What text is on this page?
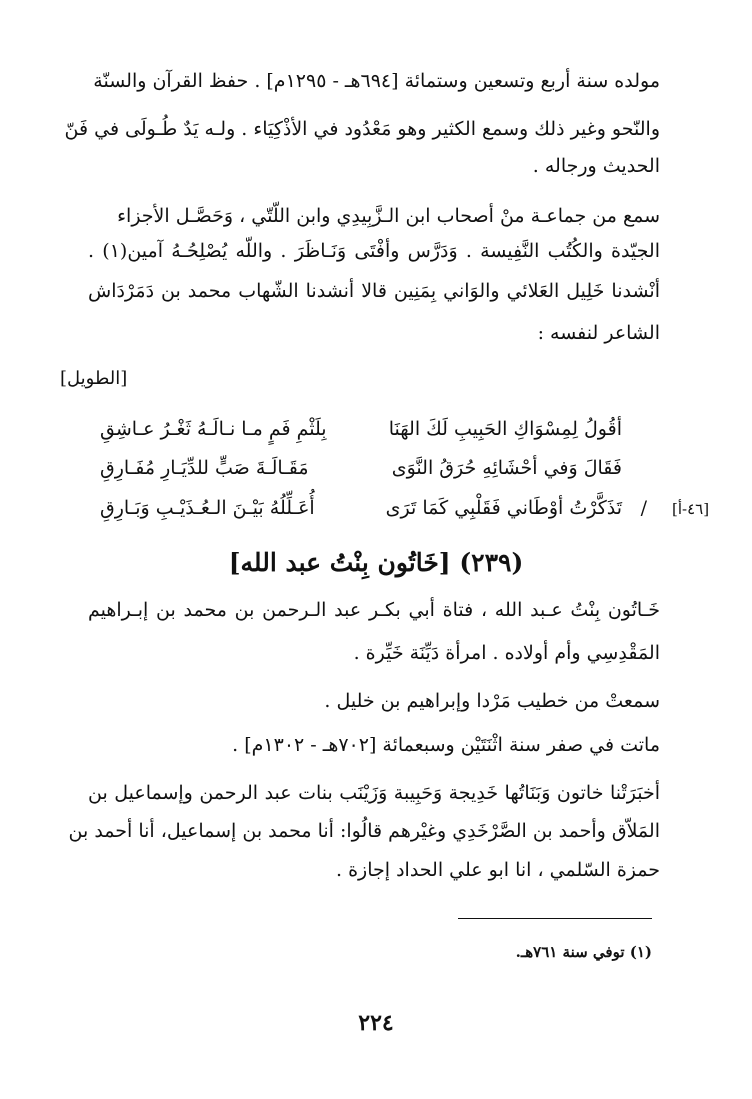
مولده سنة أربع وتسعين وستمائة [٦٩٤هـ - ١٢٩٥م] . حفظ القرآن والسنّة
والنّحو وغير ذلك وسمع الكثير وهو مَعْدُود في الأذْكِيَاء . ولـه يَدٌ طُـولَى في فَنّ
الحديث ورجاله .
سمع من جماعـة منْ أصحاب ابن الـزَّبِيدِي وابن اللّتّي ، وَحَصَّـل الأجزاء
الجيّدة والكُتُب النَّفِيسة . وَدَرَّس وأفْتَى وَنَـاظَرَ . واللّه يُصْلِحُـهُ آمين(١) .
أنْشدنا خَلِيل العَلائي والوَاني بِمَنِين قالا أنشدنا الشّهاب محمد بن دَمَرْدَاش
الشاعر لنفسه :
[الطويل]
أقُولُ لِمِسْوَاكِ الحَبِيبِ لَكَ الهَنَا
بِلَثْمِ فَمٍ مـا نـالَـهُ ثَغْـرُ عـاشِقِ
فَقَالَ وَفي أحْشَائِهِ حُرَقُ النَّوَى
مَقَـالَـةَ صَبٍّ للدِّيَـارِ مُفَـارِقِ
/
تَذَكَّرْتُ أوْطَاني فَقَلْبِي كَمَا تَرَى
أُعَـلِّلُهُ بَيْـنَ الـعُـذَيْـبِ وَبَـارِقِ	[٤٦-أ]
(٢٣٩) [خَاتُون بِنْتُ عبد الله]
خَـاتُون بِنْتُ عـبد الله ، فتاة أبي بكـر عبد الـرحمن بن محمد بن إبـراهيم
المَقْدِسِي وأم أولاده . امرأة دَيِّنَة خَيِّرة .
سمعتْ من خطيب مَرْدا وإبراهيم بن خليل .
ماتت في صفر سنة اثْنَتَيْن وسبعمائة [٧٠٢هـ - ١٣٠٢م] .
أخبَرَتْنا خاتون وَبَنَاتُها خَدِيجة وَحَبِيبة وَزَيْنَب بنات عبد الرحمن وإسماعيل بن
المَلاّق وأحمد بن الصَّرْخَدِي وغيْرهم قالُوا: أنا محمد بن إسماعيل، أنا أحمد بن
حمزة السّلمي ، انا ابو علي الحداد إجازة .
(١) توفي سنة ٧٦١هـ.
٢٢٤
